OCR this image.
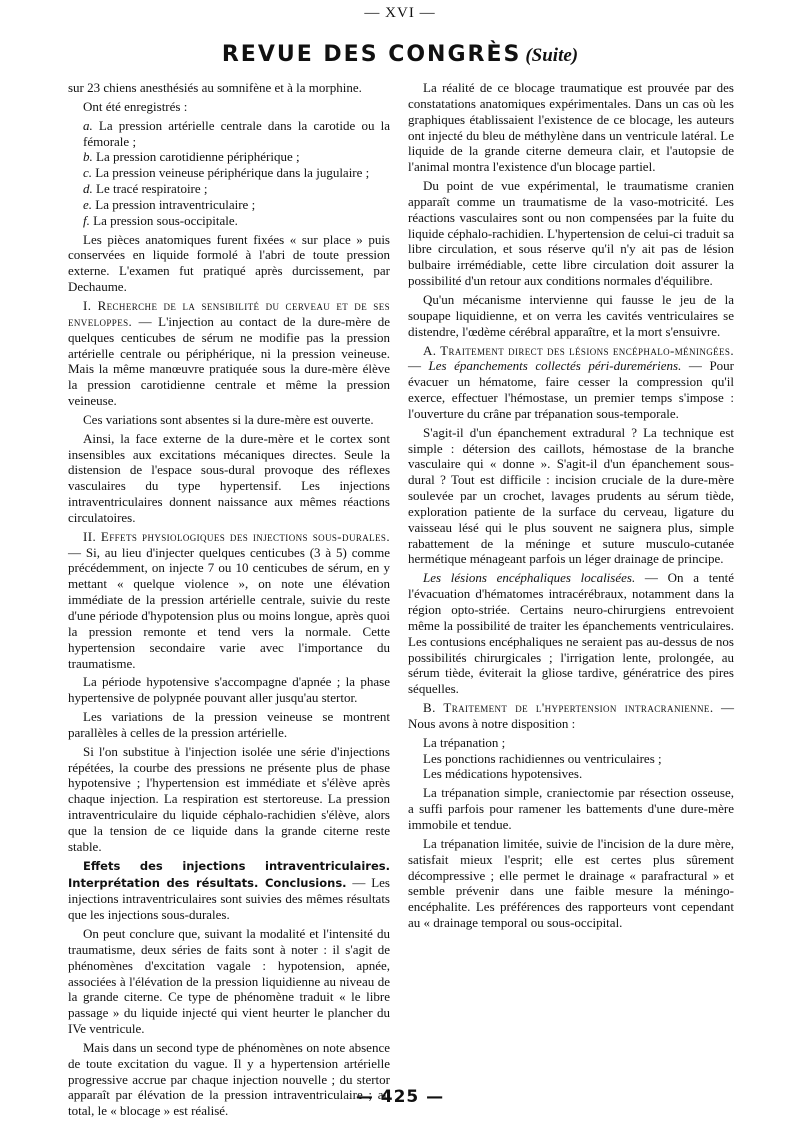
— XVI —
REVUE DES CONGRÈS (Suite)

sur 23 chiens anesthésiés au somnifène et à la morphine.

Ont été enregistrés :

a. La pression artérielle centrale dans la carotide ou la fémorale ;

b. La pression carotidienne périphérique ;

c. La pression veineuse périphérique dans la jugulaire ;

d. Le tracé respiratoire ;

e. La pression intraventriculaire ;

f. La pression sous-occipitale.

Les pièces anatomiques furent fixées « sur place » puis conservées en liquide formolé à l'abri de toute pression externe. L'examen fut pratiqué après durcissement, par Dechaume.

I. Recherche de la sensibilité du cerveau et de ses enveloppes. — L'injection au contact de la dure-mère de quelques centicubes de sérum ne modifie pas la pression artérielle centrale ou périphérique, ni la pression veineuse. Mais la même manœuvre pratiquée sous la dure-mère élève la pression carotidienne centrale et même la pression veineuse.

Ces variations sont absentes si la dure-mère est ouverte.

Ainsi, la face externe de la dure-mère et le cortex sont insensibles aux excitations mécaniques directes. Seule la distension de l'espace sous-dural provoque des réflexes vasculaires du type hypertensif. Les injections intraventriculaires donnent naissance aux mêmes réactions circulatoires.

II. Effets physiologiques des injections sous-durales. — Si, au lieu d'injecter quelques centicubes (3 à 5) comme précédemment, on injecte 7 ou 10 centicubes de sérum, en y mettant « quelque violence », on note une élévation immédiate de la pression artérielle centrale, suivie du reste d'une période d'hypotension plus ou moins longue, après quoi la pression remonte et tend vers la normale. Cette hypertension secondaire varie avec l'importance du traumatisme.

La période hypotensive s'accompagne d'apnée ; la phase hypertensive de polypnée pouvant aller jusqu'au stertor.

Les variations de la pression veineuse se montrent parallèles à celles de la pression artérielle.

Si l'on substitue à l'injection isolée une série d'injections répétées, la courbe des pressions ne présente plus de phase hypotensive ; l'hypertension est immédiate et s'élève après chaque injection. La respiration est stertoreuse. La pression intraventriculaire du liquide céphalo-rachidien s'élève, alors que la tension de ce liquide dans la grande citerne reste stable.

Effets des injections intraventriculaires. Interprétation des résultats. Conclusions. — Les injections intraventriculaires sont suivies des mêmes résultats que les injections sous-durales.

On peut conclure que, suivant la modalité et l'intensité du traumatisme, deux séries de faits sont à noter : il s'agit de phénomènes d'excitation vagale : hypotension, apnée, associées à l'élévation de la pression liquidienne au niveau de la grande citerne. Ce type de phénomène traduit « le libre passage » du liquide injecté qui vient heurter le plancher du IVe ventricule.

Mais dans un second type de phénomènes on note absence de toute excitation du vague. Il y a hypertension artérielle progressive accrue par chaque injection nouvelle ; du stertor apparaît par élévation de la pression intraventriculaire ; au total, le « blocage » est réalisé.

La réalité de ce blocage traumatique est prouvée par des constatations anatomiques expérimentales. Dans un cas où les graphiques établissaient l'existence de ce blocage, les auteurs ont injecté du bleu de méthylène dans un ventricule latéral. Le liquide de la grande citerne demeura clair, et l'autopsie de l'animal montra l'existence d'un blocage partiel.

Du point de vue expérimental, le traumatisme cranien apparaît comme un traumatisme de la vaso-motricité. Les réactions vasculaires sont ou non compensées par la fuite du liquide céphalo-rachidien. L'hypertension de celui-ci traduit sa libre circulation, et sous réserve qu'il n'y ait pas de lésion bulbaire irrémédiable, cette libre circulation doit assurer la possibilité d'un retour aux conditions normales d'équilibre.

Qu'un mécanisme intervienne qui fausse le jeu de la soupape liquidienne, et on verra les cavités ventriculaires se distendre, l'œdème cérébral apparaître, et la mort s'ensuivre.

A. Traitement direct des lésions encéphalo-méningées. — Les épanchements collectés péri-duremériens. — Pour évacuer un hématome, faire cesser la compression qu'il exerce, effectuer l'hémostase, un premier temps s'impose : l'ouverture du crâne par trépanation sous-temporale.

S'agit-il d'un épanchement extradural ? La technique est simple : détersion des caillots, hémostase de la branche vasculaire qui « donne ». S'agit-il d'un épanchement sous-dural ? Tout est difficile : incision cruciale de la dure-mère soulevée par un crochet, lavages prudents au sérum tiède, exploration patiente de la surface du cerveau, ligature du vaisseau lésé qui le plus souvent ne saignera plus, simple rabattement de la méninge et suture musculo-cutanée hermétique ménageant parfois un léger drainage de principe.

Les lésions encéphaliques localisées. — On a tenté l'évacuation d'hématomes intracérébraux, notamment dans la région opto-striée. Certains neuro-chirurgiens entrevoient même la possibilité de traiter les épanchements ventriculaires. Les contusions encéphaliques ne seraient pas au-dessus de nos possibilités chirurgicales ; l'irrigation lente, prolongée, au sérum tiède, éviterait la gliose tardive, génératrice des pires séquelles.

B. Traitement de l'hypertension intracranienne. — Nous avons à notre disposition :

La trépanation ;

Les ponctions rachidiennes ou ventriculaires ;

Les médications hypotensives.

La trépanation simple, craniectomie par résection osseuse, a suffi parfois pour ramener les battements d'une dure-mère immobile et tendue.

La trépanation limitée, suivie de l'incision de la dure mère, satisfait mieux l'esprit; elle est certes plus sûrement décompressive ; elle permet le drainage « parafractural » et semble prévenir dans une faible mesure la méningo-encéphalite. Les préférences des rapporteurs vont cependant au « drainage temporal ou sous-occipital.

— 425 —
